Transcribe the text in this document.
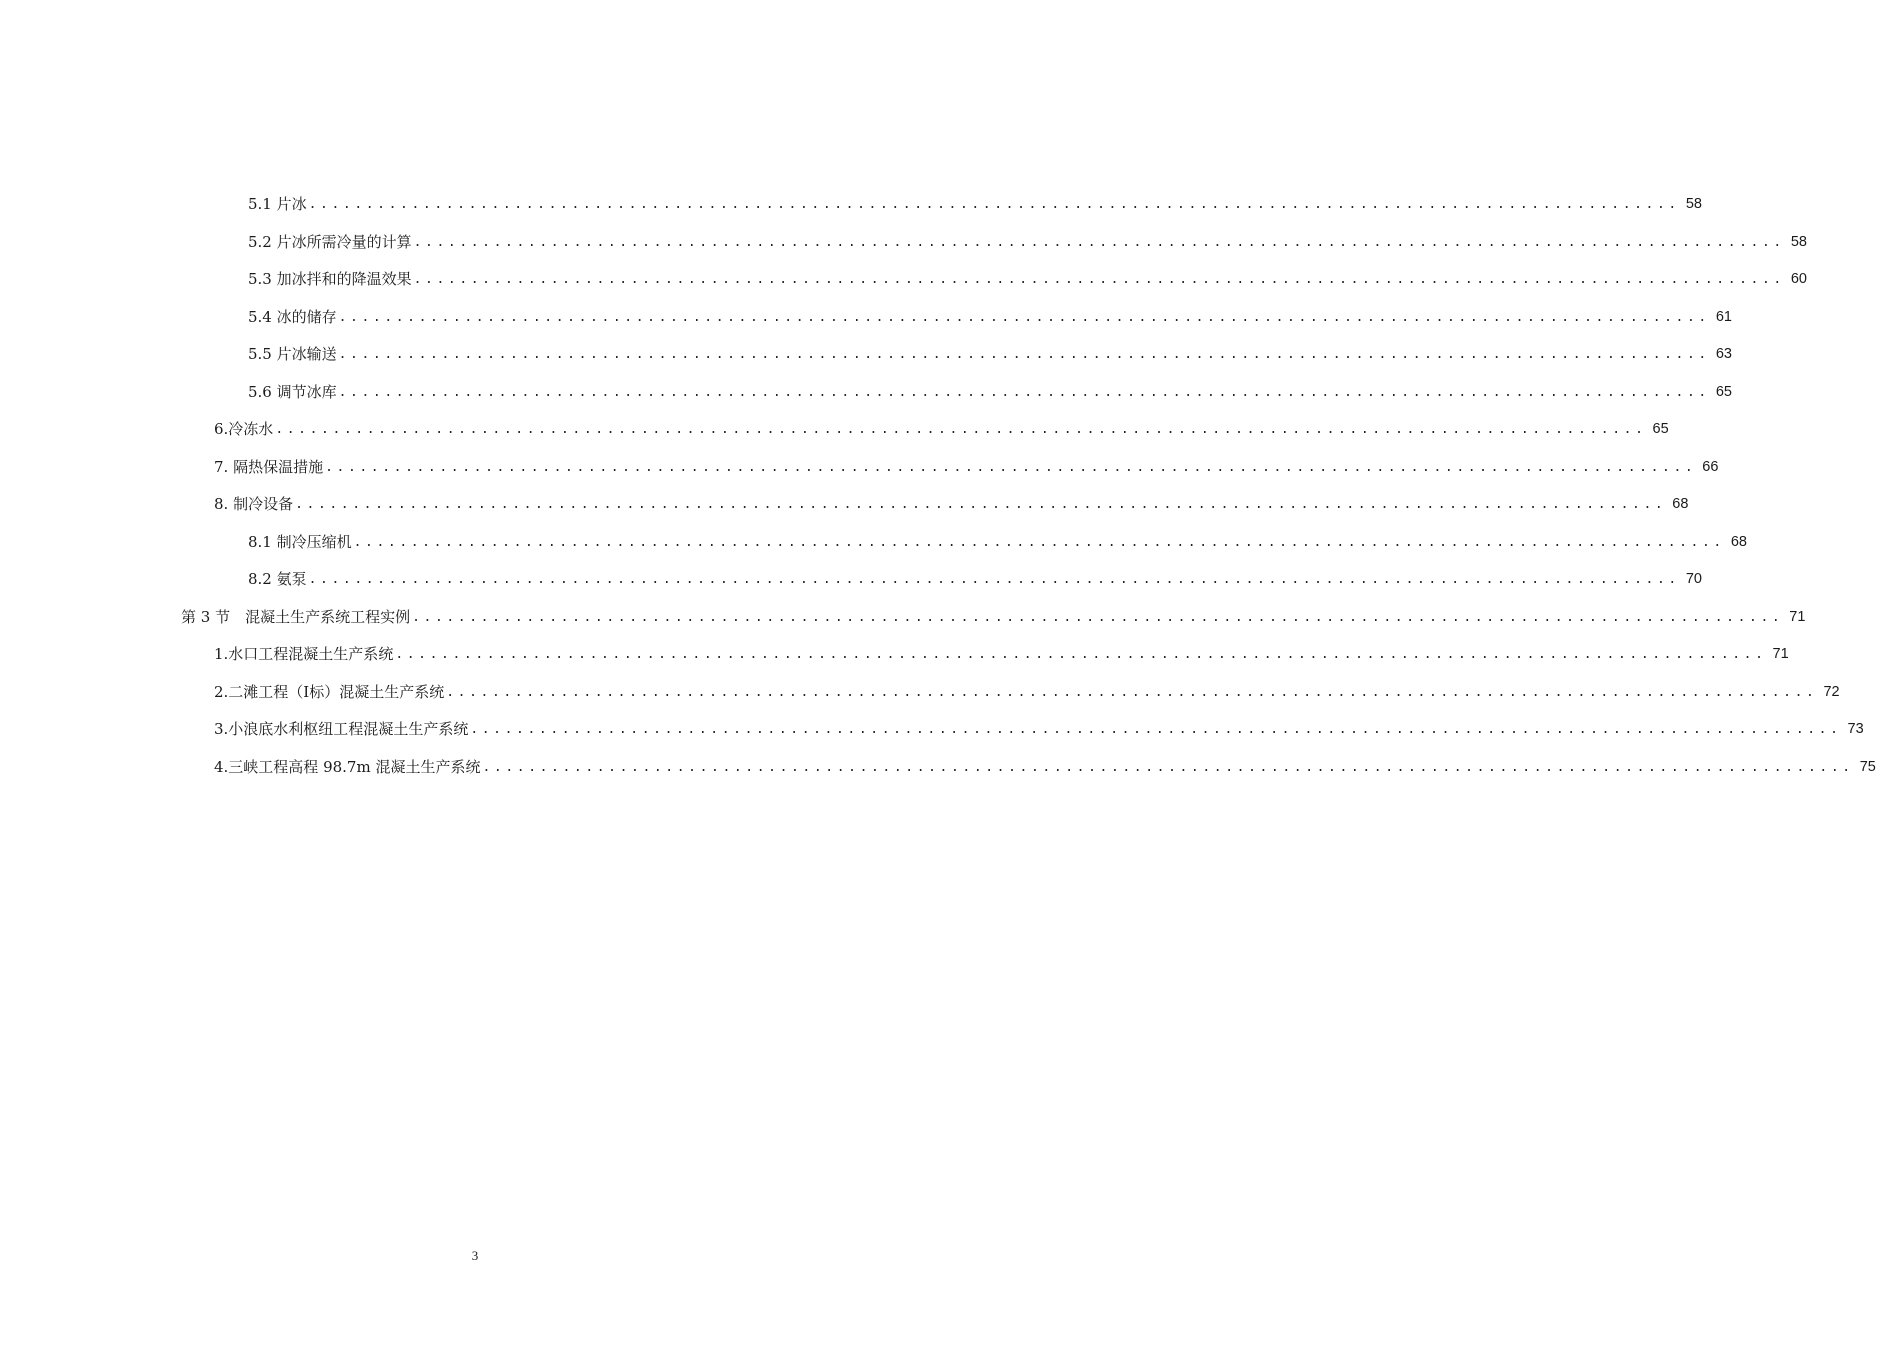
5.1 片冰 ........................................................................................................................ 58
5.2 片冰所需冷量的计算 ........................................................................................................................ 58
5.3 加冰拌和的降温效果 ........................................................................................................................ 60
5.4 冰的储存 ........................................................................................................................ 61
5.5 片冰输送 ........................................................................................................................ 63
5.6 调节冰库 ........................................................................................................................ 65
6.冷冻水 ........................................................................................................................ 65
7. 隔热保温措施 ........................................................................................................................ 66
8. 制冷设备 ........................................................................................................................ 68
8.1 制冷压缩机 ........................................................................................................................ 68
8.2 氨泵 ........................................................................................................................ 70
第 3 节　混凝土生产系统工程实例 ........................................................................................................................ 71
1.水口工程混凝土生产系统 ........................................................................................................................ 71
2.二滩工程（Ⅰ标）混凝土生产系统 ........................................................................................................................ 72
3.小浪底水利枢纽工程混凝土生产系统 ........................................................................................................................ 73
4.三峡工程高程 98.7m 混凝土生产系统 ........................................................................................................................ 75
3
